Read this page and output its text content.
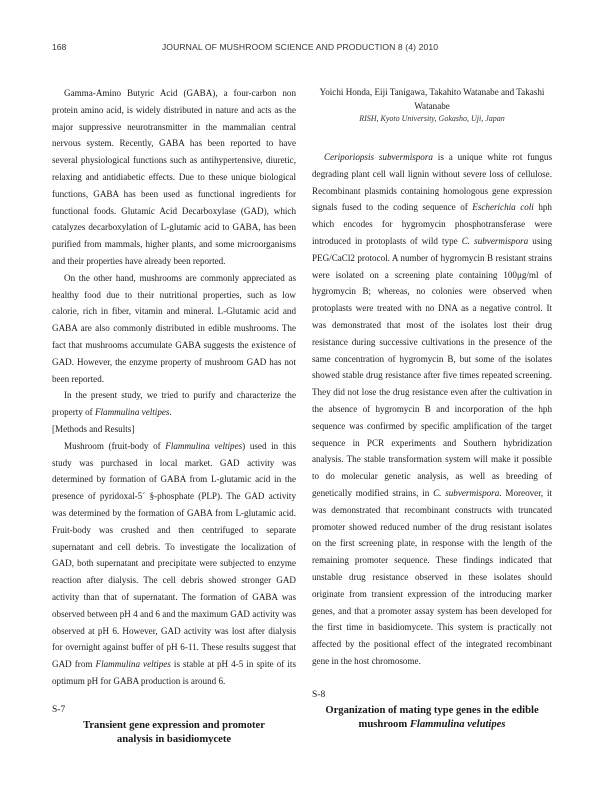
168	JOURNAL OF MUSHROOM SCIENCE AND PRODUCTION 8 (4) 2010

Gamma-Amino Butyric Acid (GABA), a four-carbon non protein amino acid, is widely distributed in nature and acts as the major suppressive neurotransmitter in the mammalian central nervous system. Recently, GABA has been reported to have several physiological functions such as antihypertensive, diuretic, relaxing and antidiabetic effects. Due to these unique biological functions, GABA has been used as functional ingredients for functional foods. Glutamic Acid Decarboxylase (GAD), which catalyzes decarboxylation of L-glutamic acid to GABA, has been purified from mammals, higher plants, and some microorganisms and their properties have already been reported.

On the other hand, mushrooms are commonly appreciated as healthy food due to their nutritional properties, such as low calorie, rich in fiber, vitamin and mineral. L-Glutamic acid and GABA are also commonly distributed in edible mushrooms. The fact that mushrooms accumulate GABA suggests the existence of GAD. However, the enzyme property of mushroom GAD has not been reported.

In the present study, we tried to purify and characterize the property of Flammulina veltipes.

[Methods and Results]

Mushroom (fruit-body of Flammulina veltipes) used in this study was purchased in local market. GAD activity was determined by formation of GABA from L-glutamic acid in the presence of pyridoxal-5´ §-phosphate (PLP). The GAD activity was determined by the formation of GABA from L-glutamic acid. Fruit-body was crushed and then centrifuged to separate supernatant and cell debris. To investigate the localization of GAD, both supernatant and precipitate were subjected to enzyme reaction after dialysis. The cell debris showed stronger GAD activity than that of supernatant. The formation of GABA was observed between pH 4 and 6 and the maximum GAD activity was observed at pH 6. However, GAD activity was lost after dialysis for overnight against buffer of pH 6-11. These results suggest that GAD from Flammulina veltipes is stable at pH 4-5 in spite of its optimum pH for GABA production is around 6.

S-7

Transient gene expression and promoter
analysis in basidiomycete

Yoichi Honda, Eiji Tanigawa, Takahito Watanabe and Takashi
Watanabe

RISH, Kyoto University, Gokasho, Uji, Japan

Ceriporiopsis subvermispora is a unique white rot fungus degrading plant cell wall lignin without severe loss of cellulose. Recombinant plasmids containing homologous gene expression signals fused to the coding sequence of Escherichia coli hph which encodes for hygromycin phosphotransferase were introduced in protoplasts of wild type C. subvermispora using PEG/CaCl2 protocol. A number of hygromycin B resistant strains were isolated on a screening plate containing 100μg/ml of hygromycin B; whereas, no colonies were observed when protoplasts were treated with no DNA as a negative control. It was demonstrated that most of the isolates lost their drug resistance during successive cultivations in the presence of the same concentration of hygromycin B, but some of the isolates showed stable drug resistance after five times repeated screening. They did not lose the drug resistance even after the cultivation in the absence of hygromycin B and incorporation of the hph sequence was confirmed by specific amplification of the target sequence in PCR experiments and Southern hybridization analysis. The stable transformation system will make it possible to do molecular genetic analysis, as well as breeding of genetically modified strains, in C. subvermispora. Moreover, it was demonstrated that recombinant constructs with truncated promoter showed reduced number of the drug resistant isolates on the first screening plate, in response with the length of the remaining promoter sequence. These findings indicated that unstable drug resistance observed in these isolates should originate from transient expression of the introducing marker genes, and that a promoter assay system has been developed for the first time in basidiomycete. This system is practically not affected by the positional effect of the integrated recombinant gene in the host chromosome.

S-8

Organization of mating type genes in the edible
mushroom Flammulina velutipes
